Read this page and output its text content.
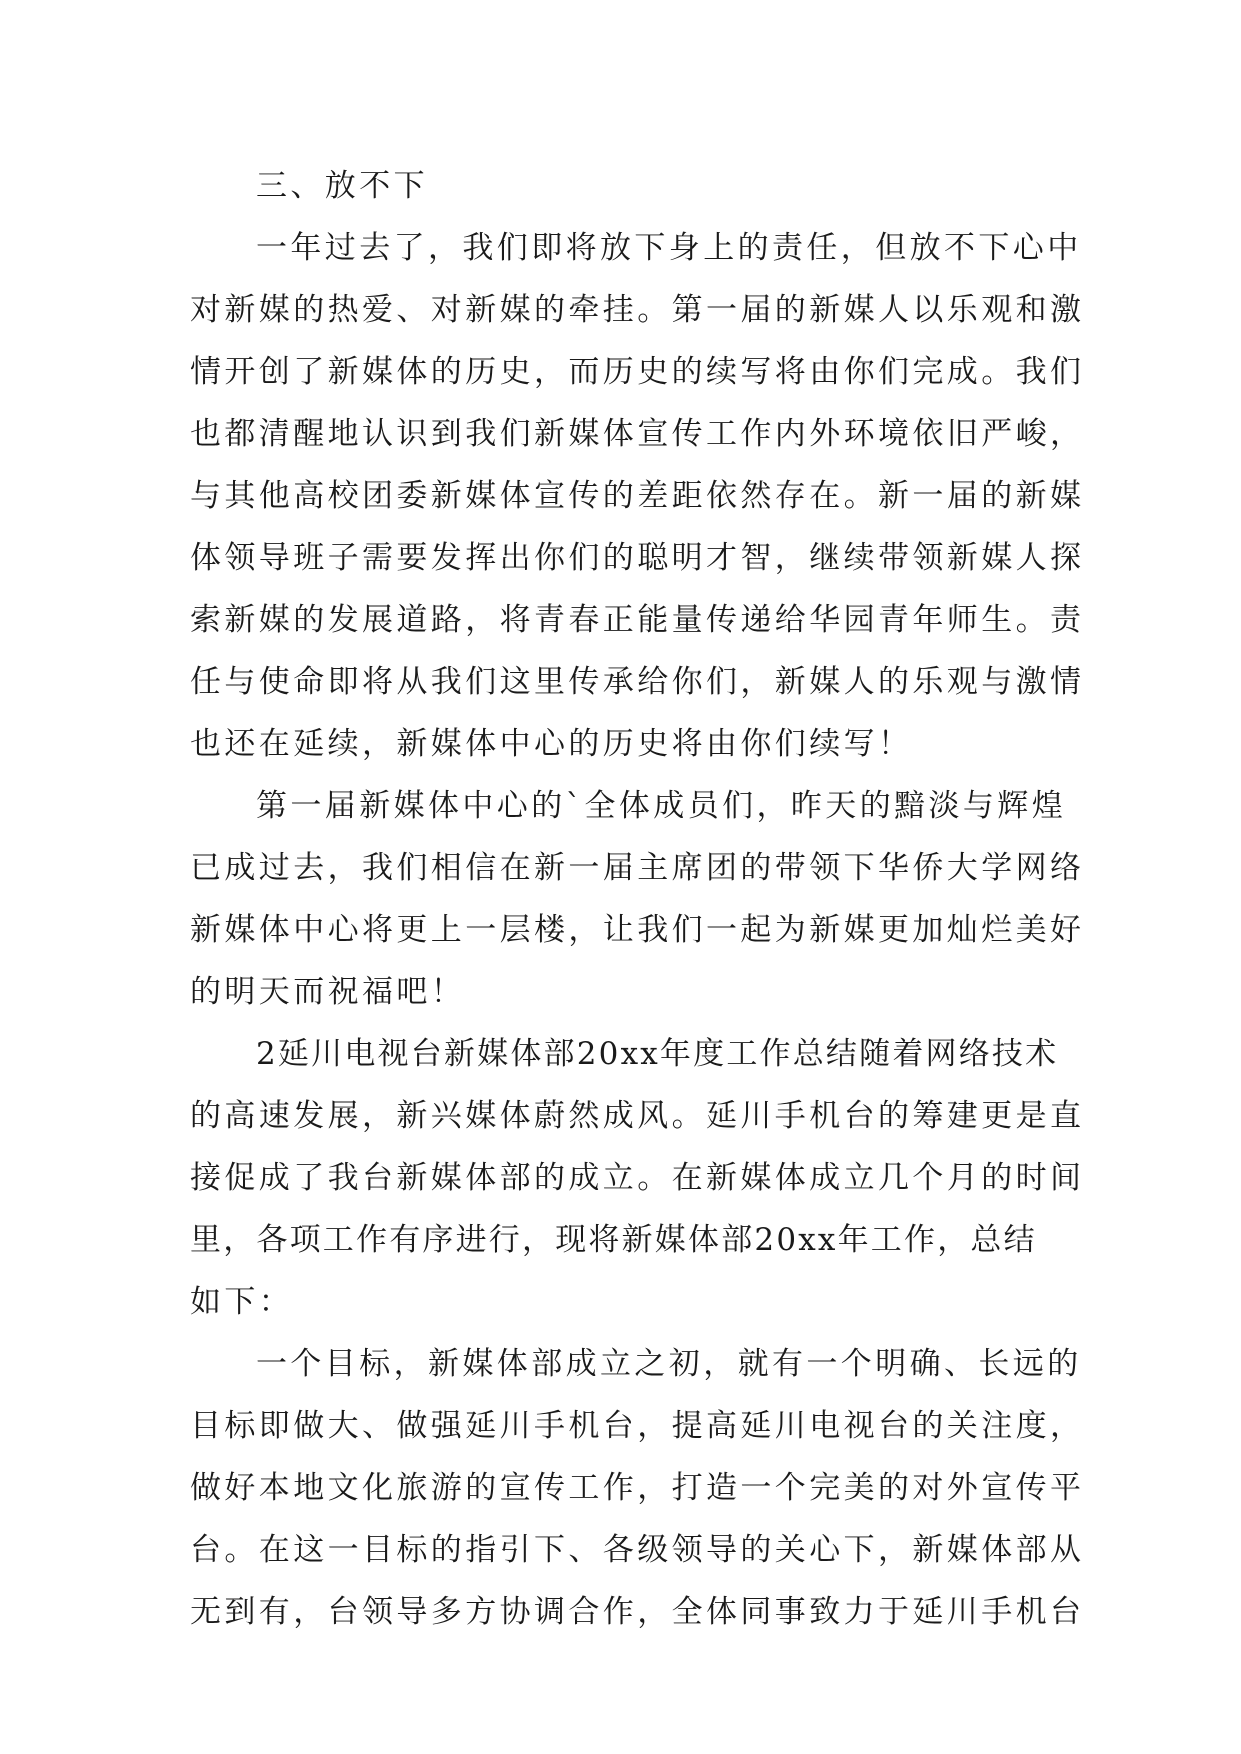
三、放不下
一年过去了，我们即将放下身上的责任，但放不下心中
对新媒的热爱、对新媒的牵挂。第一届的新媒人以乐观和激
情开创了新媒体的历史，而历史的续写将由你们完成。我们
也都清醒地认识到我们新媒体宣传工作内外环境依旧严峻，
与其他高校团委新媒体宣传的差距依然存在。新一届的新媒
体领导班子需要发挥出你们的聪明才智，继续带领新媒人探
索新媒的发展道路，将青春正能量传递给华园青年师生。责
任与使命即将从我们这里传承给你们，新媒人的乐观与激情
也还在延续，新媒体中心的历史将由你们续写！
第一届新媒体中心的`全体成员们，昨天的黯淡与辉煌
已成过去，我们相信在新一届主席团的带领下华侨大学网络
新媒体中心将更上一层楼，让我们一起为新媒更加灿烂美好
的明天而祝福吧！
2延川电视台新媒体部20xx年度工作总结随着网络技术
的高速发展，新兴媒体蔚然成风。延川手机台的筹建更是直
接促成了我台新媒体部的成立。在新媒体成立几个月的时间
里，各项工作有序进行，现将新媒体部20xx年工作，总结
如下：
一个目标，新媒体部成立之初，就有一个明确、长远的
目标即做大、做强延川手机台，提高延川电视台的关注度，
做好本地文化旅游的宣传工作，打造一个完美的对外宣传平
台。在这一目标的指引下、各级领导的关心下，新媒体部从
无到有，台领导多方协调合作，全体同事致力于延川手机台
